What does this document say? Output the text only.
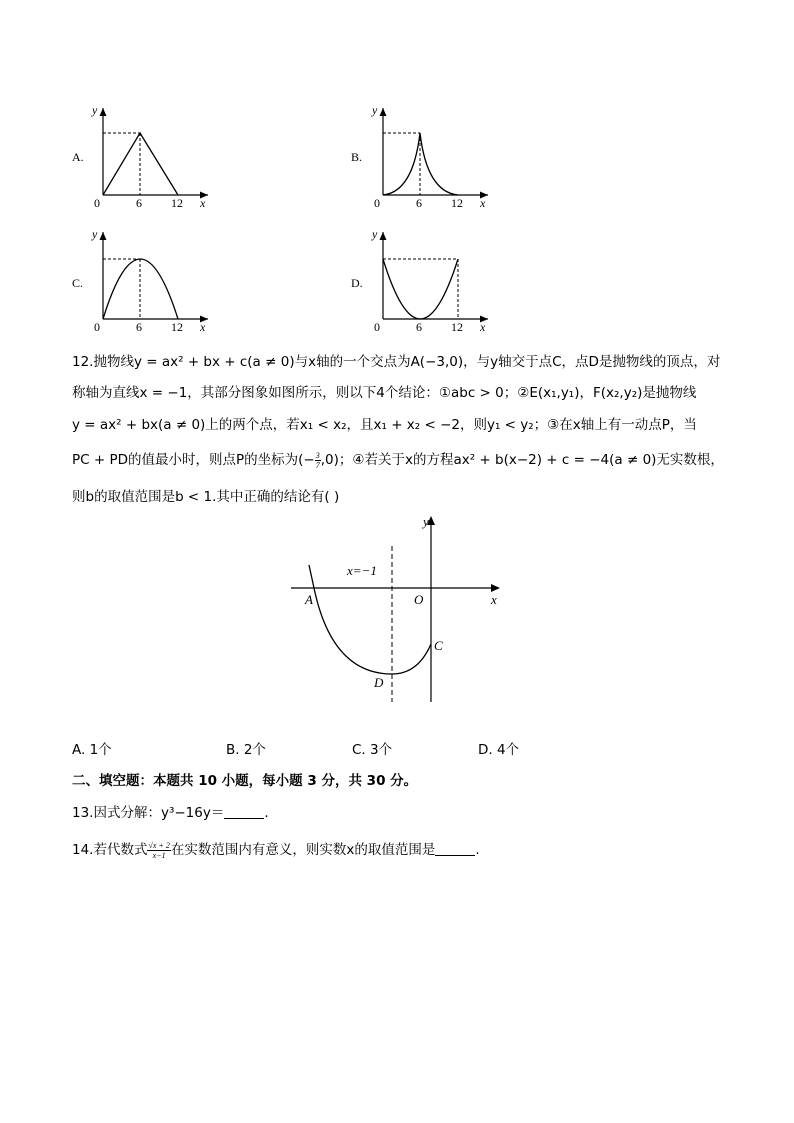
A.
y
x
0	6 12
B.
y
x
0	6 12
C.
y
x
0	6 12
D.
y
x
0	6 12
12.抛物线y = ax² + bx + c(a ≠ 0)与x轴的一个交点为A(−3,0)，与y轴交于点C，点D是抛物线的顶点，对
称轴为直线x = −1，其部分图象如图所示，则以下4个结论：①abc > 0；②E(x₁,y₁)，F(x₂,y₂)是抛物线
y = ax² + bx(a ≠ 0)上的两个点，若x₁ < x₂，且x₁ + x₂ < −2，则y₁ < y₂；③在x轴上有一动点P，当
PC + PD的值最小时，则点P的坐标为(− $\frac{3}{7} ,0$)；④若关于x的方程ax² + b(x−2) + c = −4(a ≠ 0)无实数根，
则b的取值范围是b < 1.其中正确的结论有( )
y
x
x=−1
A	O
C
D
A. 1个	B. 2个	C. 3个	D. 4个
二、填空题：本题共 10 小题，每小题 3 分，共 30 分。
13.因式分解：y³−16y＝	.
14.若代数式 $\frac{√x + 2}{x-1}$ 在实数范围内有意义，则实数x的取值范围是	.
